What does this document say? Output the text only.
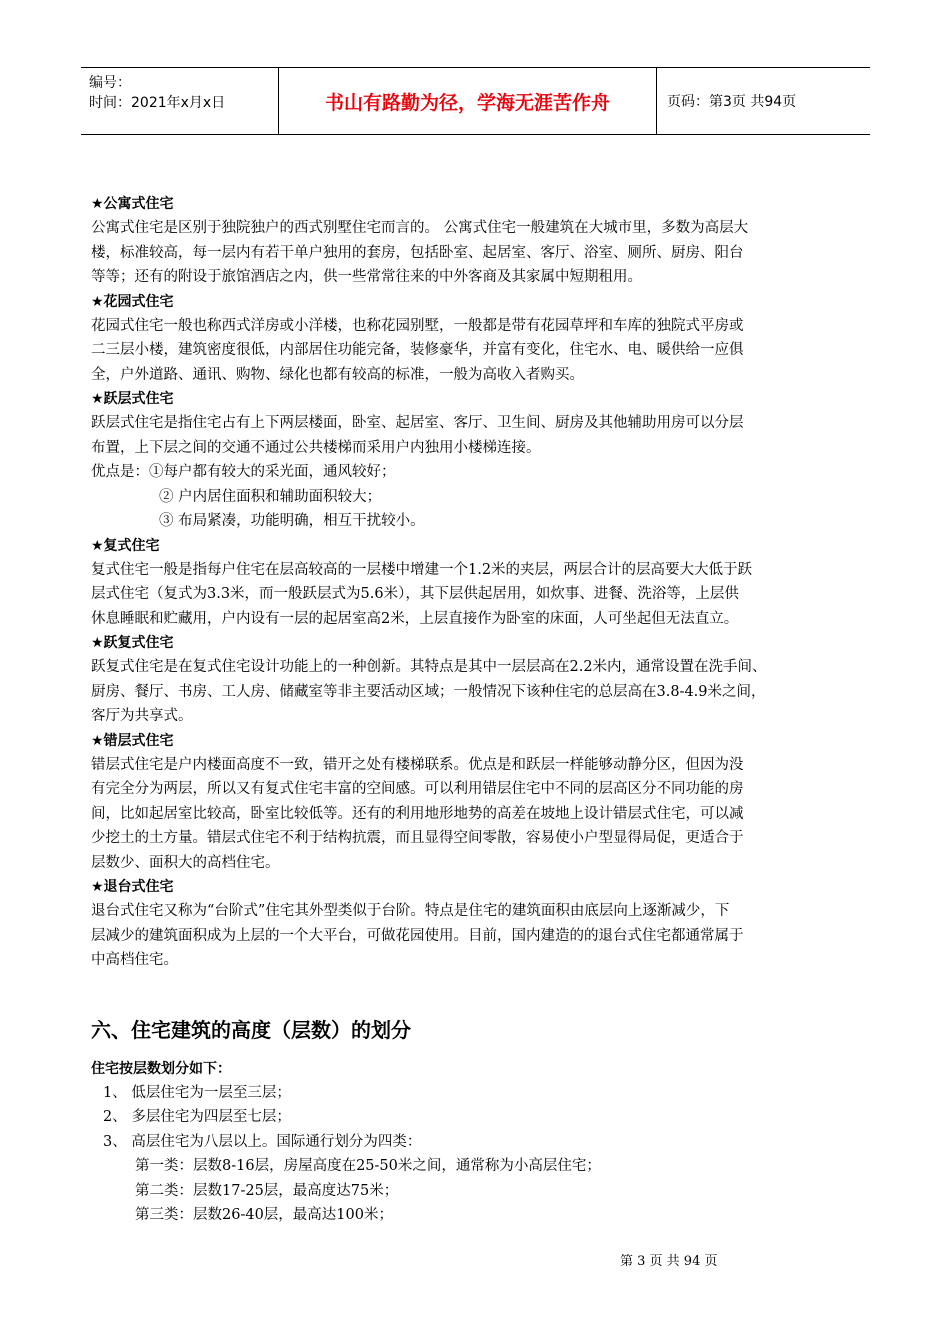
编号：
时间：2021年x月x日	书山有路勤为径，学海无涯苦作舟	页码：第3页 共94页
★公寓式住宅
公寓式住宅是区别于独院独户的西式别墅住宅而言的。 公寓式住宅一般建筑在大城市里，多数为高层大
楼，标准较高，每一层内有若干单户独用的套房，包括卧室、起居室、客厅、浴室、厕所、厨房、阳台
等等；还有的附设于旅馆酒店之内，供一些常常往来的中外客商及其家属中短期租用。
★花园式住宅
花园式住宅一般也称西式洋房或小洋楼，也称花园别墅，一般都是带有花园草坪和车库的独院式平房或
二三层小楼，建筑密度很低，内部居住功能完备，装修豪华，并富有变化，住宅水、电、暖供给一应俱
全，户外道路、通讯、购物、绿化也都有较高的标准，一般为高收入者购买。
★跃层式住宅
跃层式住宅是指住宅占有上下两层楼面，卧室、起居室、客厅、卫生间、厨房及其他辅助用房可以分层
布置，上下层之间的交通不通过公共楼梯而采用户内独用小楼梯连接。
优点是：①每户都有较大的采光面，通风较好；
② 户内居住面积和辅助面积较大；
③ 布局紧凑，功能明确，相互干扰较小。
★复式住宅
复式住宅一般是指每户住宅在层高较高的一层楼中增建一个1.2米的夹层，两层合计的层高要大大低于跃
层式住宅（复式为3.3米，而一般跃层式为5.6米），其下层供起居用，如炊事、进餐、洗浴等，上层供
休息睡眠和贮藏用，户内设有一层的起居室高2米，上层直接作为卧室的床面，人可坐起但无法直立。
★跃复式住宅
跃复式住宅是在复式住宅设计功能上的一种创新。其特点是其中一层层高在2.2米内，通常设置在洗手间、
厨房、餐厅、书房、工人房、储藏室等非主要活动区域；一般情况下该种住宅的总层高在3.8-4.9米之间，
客厅为共享式。
★错层式住宅
错层式住宅是户内楼面高度不一致，错开之处有楼梯联系。优点是和跃层一样能够动静分区，但因为没
有完全分为两层，所以又有复式住宅丰富的空间感。可以利用错层住宅中不同的层高区分不同功能的房
间，比如起居室比较高，卧室比较低等。还有的利用地形地势的高差在坡地上设计错层式住宅，可以减
少挖土的土方量。错层式住宅不利于结构抗震，而且显得空间零散，容易使小户型显得局促，更适合于
层数少、面积大的高档住宅。
★退台式住宅
退台式住宅又称为“台阶式”住宅其外型类似于台阶。特点是住宅的建筑面积由底层向上逐渐减少，下
层减少的建筑面积成为上层的一个大平台，可做花园使用。目前，国内建造的的退台式住宅都通常属于
中高档住宅。
六、住宅建筑的高度（层数）的划分
住宅按层数划分如下：
1、 低层住宅为一层至三层；
2、 多层住宅为四层至七层；
3、 高层住宅为八层以上。国际通行划分为四类：
第一类：层数8-16层，房屋高度在25-50米之间，通常称为小高层住宅；
第二类：层数17-25层，最高度达75米；
第三类：层数26-40层，最高达100米；
第 3 页 共 94 页
